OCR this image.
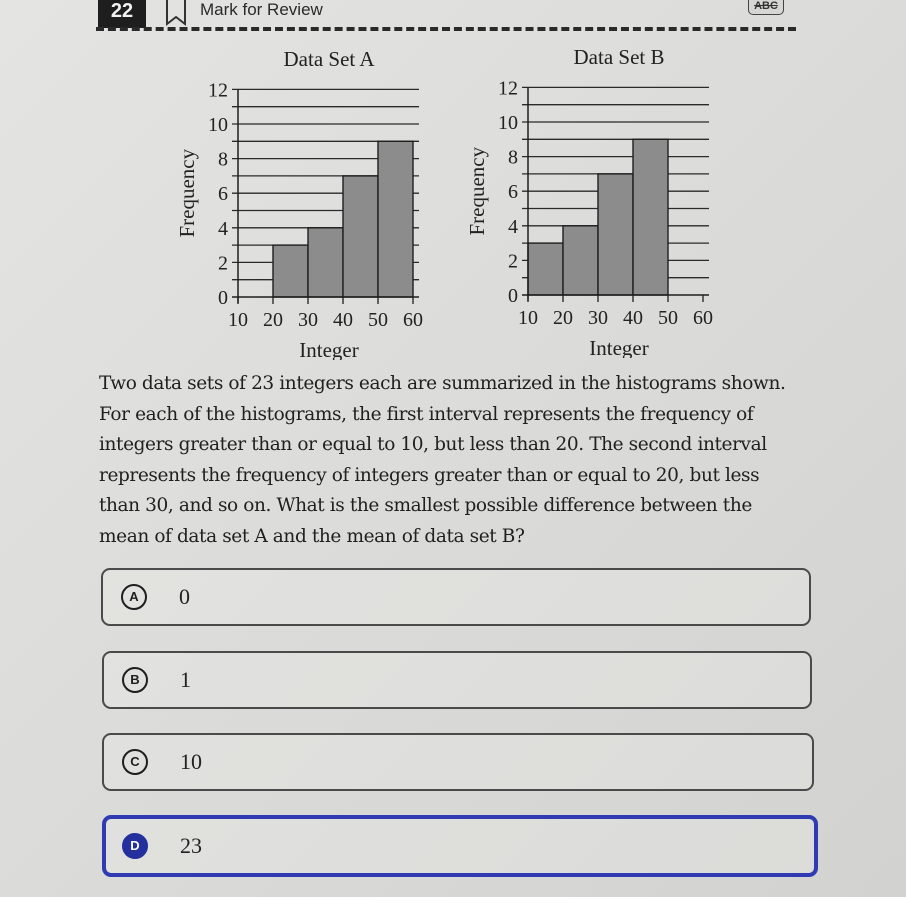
22	Mark for Review	ABC
0
2
4
6
8
10
12
10 20 30 40 50 60
Data Set A
Integer
Frequency
0
2
4
6
8
10
12
10 20 30 40 50 60
Data Set B
Integer
Frequency
Two data sets of 23 integers each are summarized in the histograms shown. For each of the histograms, the first interval represents the frequency of integers greater than or equal to 10, but less than 20. The second interval represents the frequency of integers greater than or equal to 20, but less than 30, and so on. What is the smallest possible difference between the mean of data set A and the mean of data set B?
A	0
B	1
C	10
D	23
